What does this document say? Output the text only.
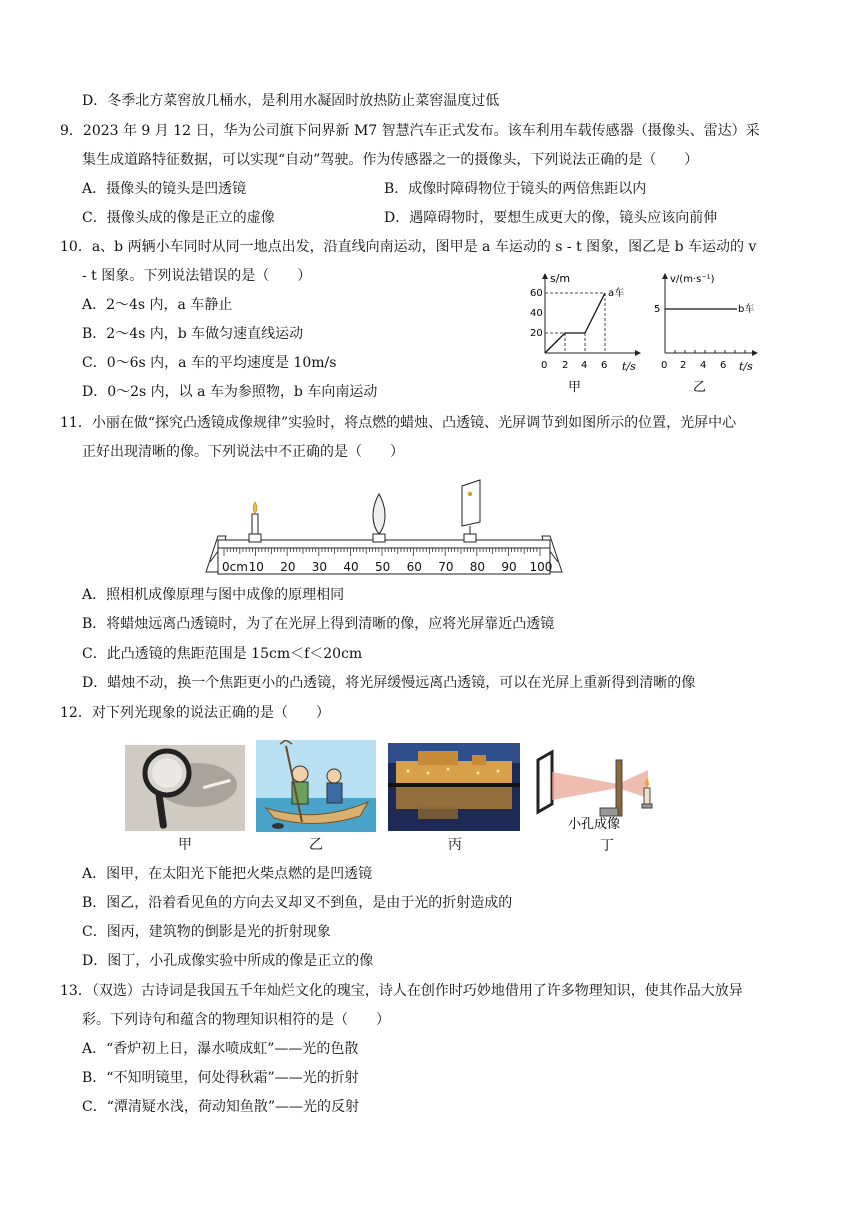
D．冬季北方菜窖放几桶水，是利用水凝固时放热防止菜窖温度过低
9．2023 年 9 月 12 日，华为公司旗下问界新 M7 智慧汽车正式发布。该车利用车载传感器（摄像头、雷达）采
集生成道路特征数据，可以实现“自动”驾驶。作为传感器之一的摄像头，下列说法正确的是（　　）
A．摄像头的镜头是凹透镜	B．成像时障碍物位于镜头的两倍焦距以内
C．摄像头成的像是正立的虚像	D．遇障碍物时，要想生成更大的像，镜头应该向前伸
10．a、b 两辆小车同时从同一地点出发，沿直线向南运动，图甲是 a 车运动的 s - t 图象，图乙是 b 车运动的 v
- t 图象。下列说法错误的是（　　）
A．2～4s 内，a 车静止
B．2～4s 内，b 车做匀速直线运动
C．0～6s 内，a 车的平均速度是 10m/s
D．0～2s 内，以 a 车为参照物，b 车向南运动
s/m
t/s
60
40
20
0 2 4 6
a车
甲
v/(m·s⁻¹)
t/s
5
0 2 4 6
b车
乙
11．小丽在做“探究凸透镜成像规律”实验时，将点燃的蜡烛、凸透镜、光屏调节到如图所示的位置，光屏中心
正好出现清晰的像。下列说法中不正确的是（　　）
0cm 10 20 30 40 50 60 70 80 90 100
A．照相机成像原理与图中成像的原理相同
B．将蜡烛远离凸透镜时，为了在光屏上得到清晰的像，应将光屏靠近凸透镜
C．此凸透镜的焦距范围是 15cm＜f＜20cm
D．蜡烛不动，换一个焦距更小的凸透镜，将光屏缓慢远离凸透镜，可以在光屏上重新得到清晰的像
12．对下列光现象的说法正确的是（　　）
甲	乙	丙
小孔成像
丁
A．图甲，在太阳光下能把火柴点燃的是凹透镜
B．图乙，沿着看见鱼的方向去叉却叉不到鱼，是由于光的折射造成的
C．图丙，建筑物的倒影是光的折射现象
D．图丁，小孔成像实验中所成的像是正立的像
13．（双选）古诗词是我国五千年灿烂文化的瑰宝，诗人在创作时巧妙地借用了许多物理知识，使其作品大放异
彩。下列诗句和蕴含的物理知识相符的是（　　）
A．“香炉初上日，瀑水喷成虹”——光的色散
B．“不知明镜里，何处得秋霜”——光的折射
C．“潭清疑水浅，荷动知鱼散”——光的反射
